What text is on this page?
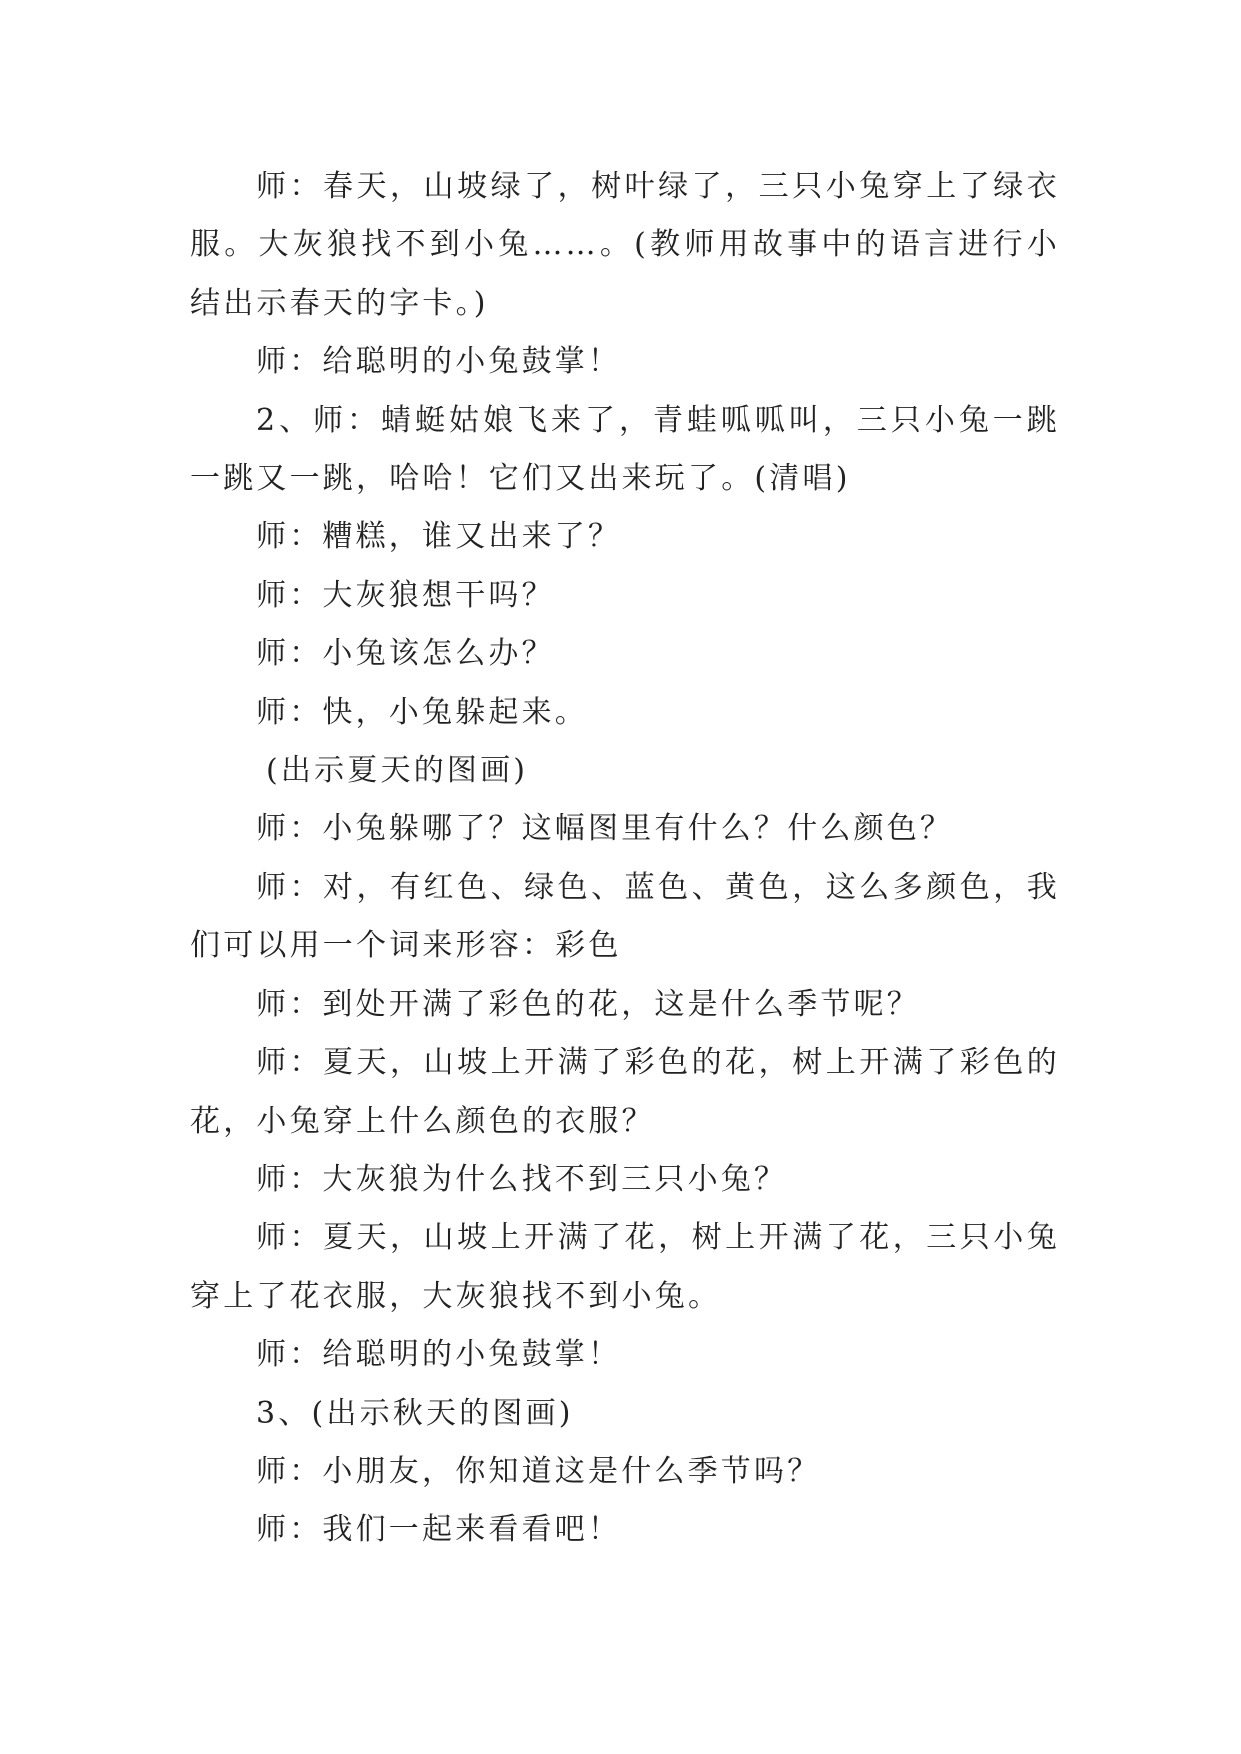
师：春天，山坡绿了，树叶绿了，三只小兔穿上了绿衣服。大灰狼找不到小兔……。(教师用故事中的语言进行小结出示春天的字卡。)

师：给聪明的小兔鼓掌！

2、师：蜻蜓姑娘飞来了，青蛙呱呱叫，三只小兔一跳一跳又一跳，哈哈！它们又出来玩了。(清唱)

师：糟糕，谁又出来了？

师：大灰狼想干吗？

师：小兔该怎么办？

师：快，小兔躲起来。

(出示夏天的图画)

师：小兔躲哪了？这幅图里有什么？什么颜色？

师：对，有红色、绿色、蓝色、黄色，这么多颜色，我们可以用一个词来形容：彩色

师：到处开满了彩色的花，这是什么季节呢？

师：夏天，山坡上开满了彩色的花，树上开满了彩色的花，小兔穿上什么颜色的衣服？

师：大灰狼为什么找不到三只小兔？

师：夏天，山坡上开满了花，树上开满了花，三只小兔穿上了花衣服，大灰狼找不到小兔。

师：给聪明的小兔鼓掌！

3、(出示秋天的图画)

师：小朋友，你知道这是什么季节吗？

师：我们一起来看看吧！
